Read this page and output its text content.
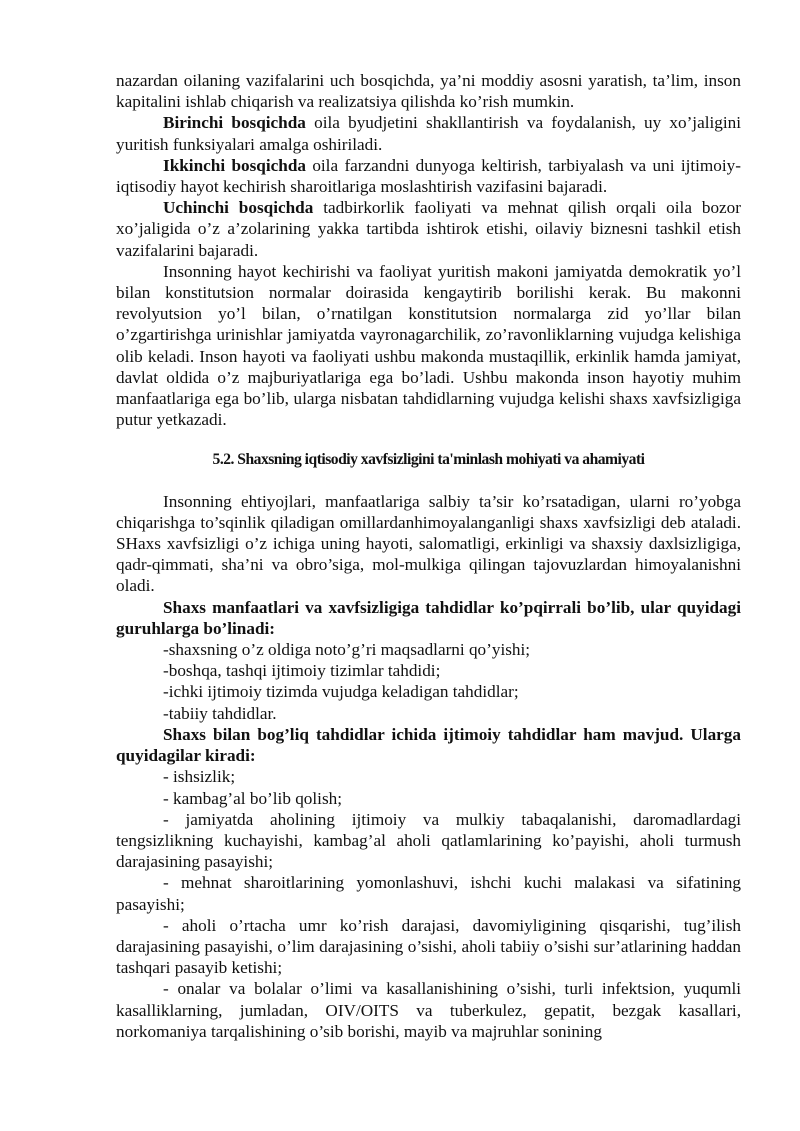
nazardan oilaning vazifalarini uch bosqichda, ya’ni moddiy asosni yaratish, ta’lim, inson kapitalini ishlab chiqarish va realizatsiya qilishda ko’rish mumkin.

Birinchi bosqichda oila byudjetini shakllantirish va foydalanish, uy xo’jaligini yuritish funksiyalari amalga oshiriladi.

Ikkinchi bosqichda oila farzandni dunyoga keltirish, tarbiyalash va uni ijtimoiy-iqtisodiy hayot kechirish sharoitlariga moslashtirish vazifasini bajaradi.

Uchinchi bosqichda tadbirkorlik faoliyati va mehnat qilish orqali oila bozor xo’jaligida o’z a’zolarining yakka tartibda ishtirok etishi, oilaviy biznesni tashkil etish vazifalarini bajaradi.

Insonning hayot kechirishi va faoliyat yuritish makoni jamiyatda demokratik yo’l bilan konstitutsion normalar doirasida kengaytirib borilishi kerak. Bu makonni revolyutsion yo’l bilan, o’rnatilgan konstitutsion normalarga zid yo’llar bilan o’zgartirishga urinishlar jamiyatda vayronagarchilik, zo’ravonliklarning vujudga kelishiga olib keladi. Inson hayoti va faoliyati ushbu makonda mustaqillik, erkinlik hamda jamiyat, davlat oldida o’z majburiyatlariga ega bo’ladi. Ushbu makonda inson hayotiy muhim manfaatlariga ega bo’lib, ularga nisbatan tahdidlarning vujudga kelishi shaxs xavfsizligiga putur yetkazadi.

5.2. Shaxsning iqtisodiy xavfsizligini ta'minlash mohiyati va ahamiyati

Insonning ehtiyojlari, manfaatlariga salbiy ta’sir ko’rsatadigan, ularni ro’yobga chiqarishga to’sqinlik qiladigan omillardanhimoyalanganligi shaxs xavfsizligi deb ataladi. SHaxs xavfsizligi o’z ichiga uning hayoti, salomatligi, erkinligi va shaxsiy daxlsizligiga, qadr-qimmati, sha’ni va obro’siga, mol-mulkiga qilingan tajovuzlardan himoyalanishni oladi.

Shaxs manfaatlari va xavfsizligiga tahdidlar ko’pqirrali bo’lib, ular quyidagi guruhlarga bo’linadi:

-shaxsning o’z oldiga noto’g’ri maqsadlarni qo’yishi;

-boshqa, tashqi ijtimoiy tizimlar tahdidi;

-ichki ijtimoiy tizimda vujudga keladigan tahdidlar;

-tabiiy tahdidlar.

Shaxs bilan bog’liq tahdidlar ichida ijtimoiy tahdidlar ham mavjud. Ularga quyidagilar kiradi:

- ishsizlik;

- kambag’al bo’lib qolish;

- jamiyatda aholining ijtimoiy va mulkiy tabaqalanishi, daromadlardagi tengsizlikning kuchayishi, kambag’al aholi qatlamlarining ko’payishi, aholi turmush darajasining pasayishi;

- mehnat sharoitlarining yomonlashuvi, ishchi kuchi malakasi va sifatining pasayishi;

- aholi o’rtacha umr ko’rish darajasi, davomiyligining qisqarishi, tug’ilish darajasining pasayishi, o’lim darajasining o’sishi, aholi tabiiy o’sishi sur’atlarining haddan tashqari pasayib ketishi;

- onalar va bolalar o’limi va kasallanishining o’sishi, turli infektsion, yuqumli kasalliklarning, jumladan, OIV/OITS va tuberkulez, gepatit, bezgak kasallari, norkomaniya tarqalishining o’sib borishi, mayib va majruhlar sonining
